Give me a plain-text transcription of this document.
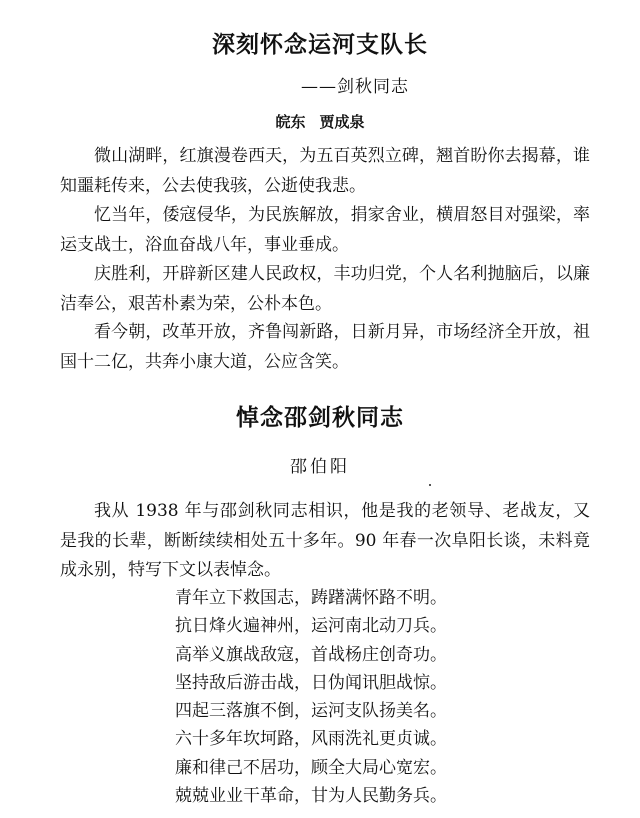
深刻怀念运河支队长
——剑秋同志
皖东 贾成泉
微山湖畔，红旗漫卷西天，为五百英烈立碑，翘首盼你去揭幕，谁知噩耗传来，公去使我骇，公逝使我悲。
忆当年，倭寇侵华，为民族解放，捐家舍业，横眉怒目对强梁，率运支战士，浴血奋战八年，事业垂成。
庆胜利，开辟新区建人民政权，丰功归党，个人名利抛脑后，以廉洁奉公，艰苦朴素为荣，公朴本色。
看今朝，改革开放，齐鲁闯新路，日新月异，市场经济全开放，祖国十二亿，共奔小康大道，公应含笑。
悼念邵剑秋同志
邵伯阳
我从 1938 年与邵剑秋同志相识，他是我的老领导、老战友，又是我的长辈，断断续续相处五十多年。90 年春一次阜阳长谈，未料竟成永别，特写下文以表悼念。
青年立下救国志，踌躇满怀路不明。
抗日烽火遍神州，运河南北动刀兵。
高举义旗战敌寇，首战杨庄创奇功。
坚持敌后游击战，日伪闻讯胆战惊。
四起三落旗不倒，运河支队扬美名。
六十多年坎坷路，风雨洗礼更贞诚。
廉和律己不居功，顾全大局心宽宏。
兢兢业业干革命，甘为人民勤务兵。
